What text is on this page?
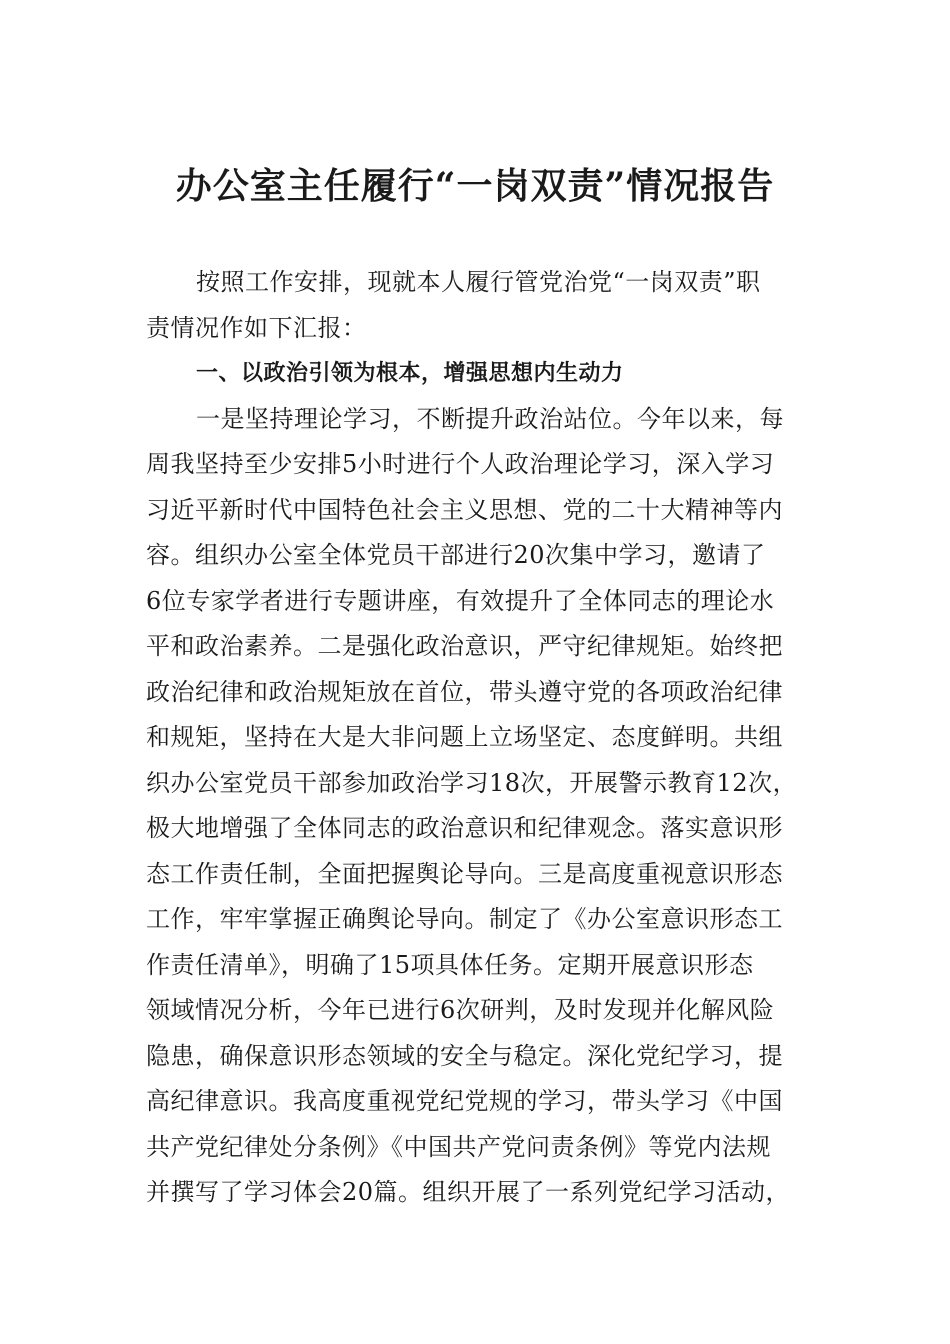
办公室主任履行“一岗双责”情况报告
按照工作安排，现就本人履行管党治党“一岗双责”职
责情况作如下汇报：
一、以政治引领为根本，增强思想内生动力
一是坚持理论学习，不断提升政治站位。今年以来，每
周我坚持至少安排5小时进行个人政治理论学习，深入学习
习近平新时代中国特色社会主义思想、党的二十大精神等内
容。组织办公室全体党员干部进行20次集中学习，邀请了
6位专家学者进行专题讲座，有效提升了全体同志的理论水
平和政治素养。二是强化政治意识，严守纪律规矩。始终把
政治纪律和政治规矩放在首位，带头遵守党的各项政治纪律
和规矩，坚持在大是大非问题上立场坚定、态度鲜明。共组
织办公室党员干部参加政治学习18次，开展警示教育12次，
极大地增强了全体同志的政治意识和纪律观念。落实意识形
态工作责任制，全面把握舆论导向。三是高度重视意识形态
工作，牢牢掌握正确舆论导向。制定了《办公室意识形态工
作责任清单》，明确了15项具体任务。定期开展意识形态
领域情况分析，今年已进行6次研判，及时发现并化解风险
隐患，确保意识形态领域的安全与稳定。深化党纪学习，提
高纪律意识。我高度重视党纪党规的学习，带头学习《中国
共产党纪律处分条例》《中国共产党问责条例》等党内法规
并撰写了学习体会20篇。组织开展了一系列党纪学习活动，
